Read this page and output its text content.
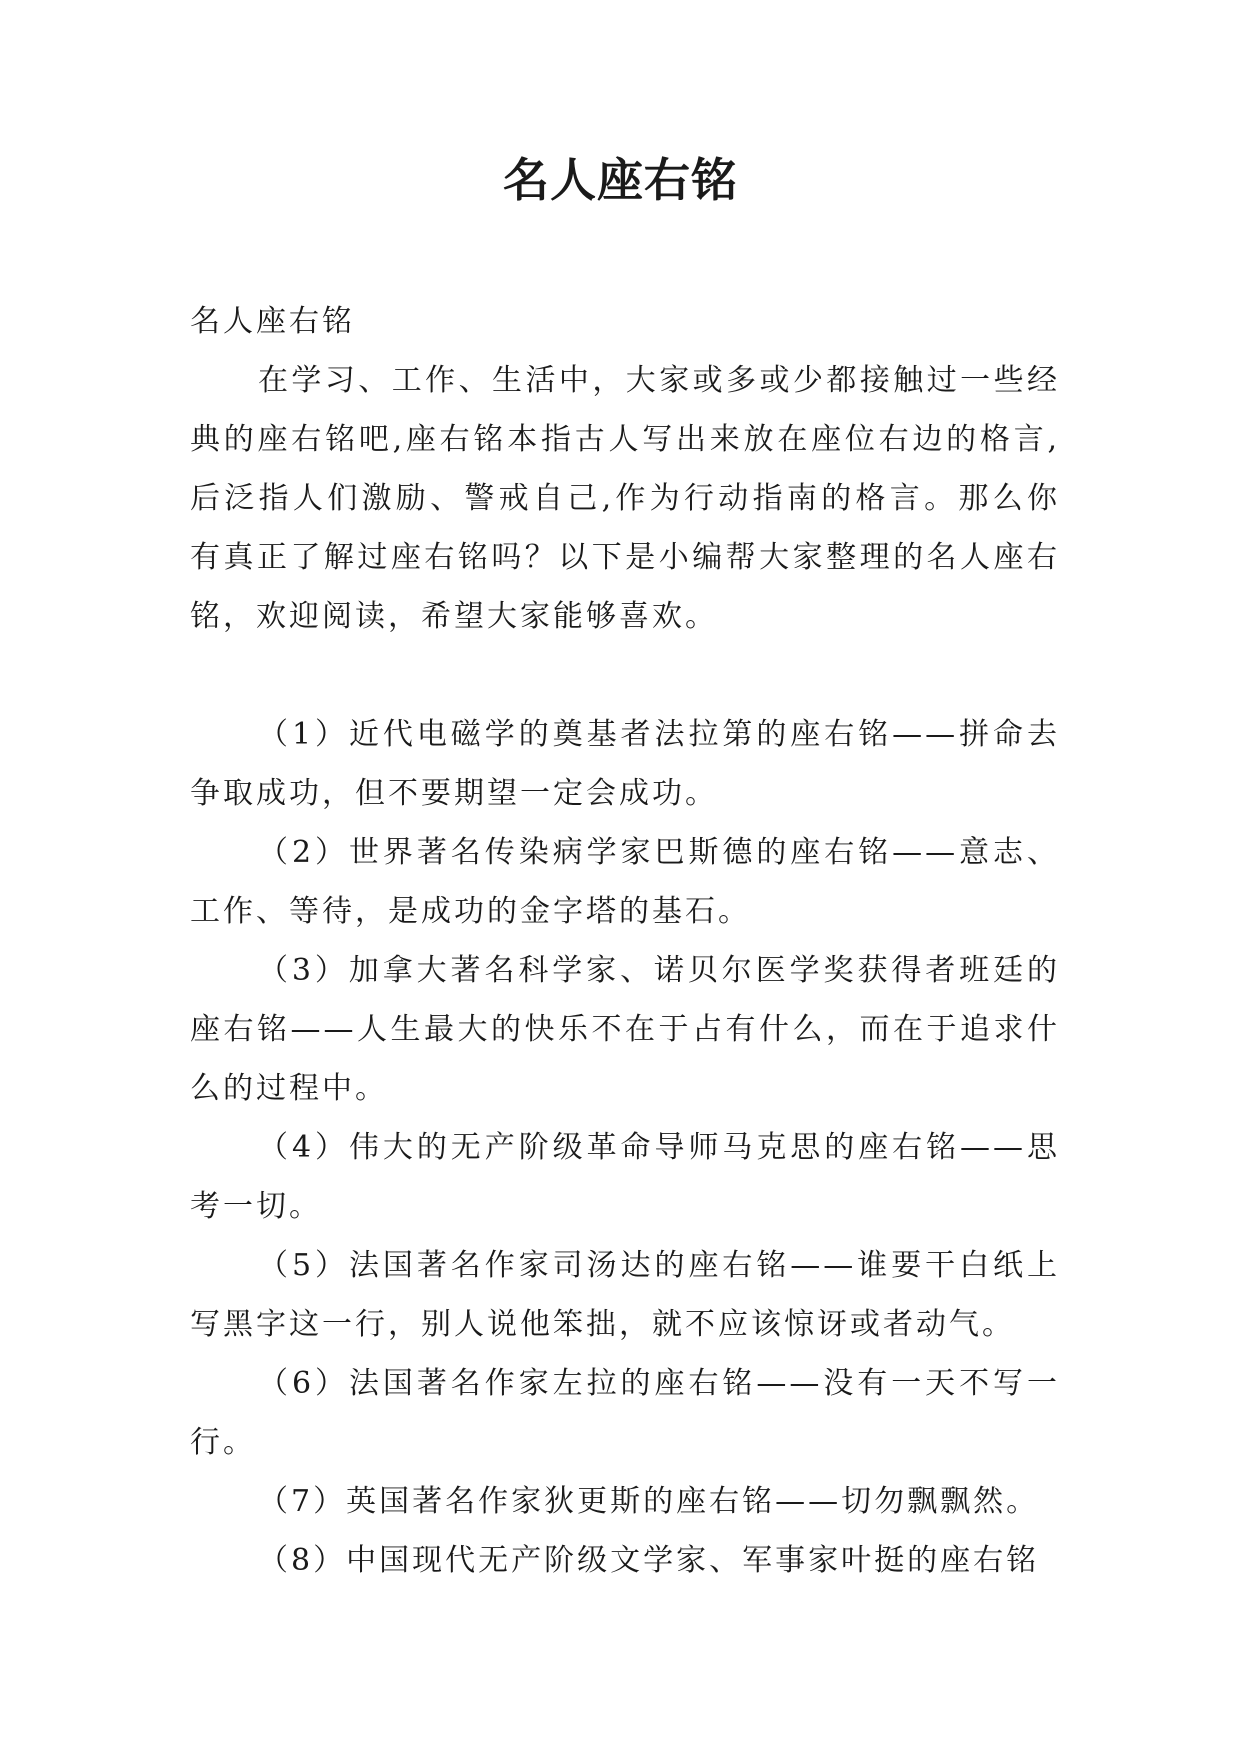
名人座右铭

名人座右铭

在学习、工作、生活中，大家或多或少都接触过一些经典的座右铭吧,座右铭本指古人写出来放在座位右边的格言,后泛指人们激励、警戒自己,作为行动指南的格言。那么你有真正了解过座右铭吗？以下是小编帮大家整理的名人座右铭，欢迎阅读，希望大家能够喜欢。

（1）近代电磁学的奠基者法拉第的座右铭——拼命去争取成功，但不要期望一定会成功。

（2）世界著名传染病学家巴斯德的座右铭——意志、工作、等待，是成功的金字塔的基石。

（3）加拿大著名科学家、诺贝尔医学奖获得者班廷的座右铭——人生最大的快乐不在于占有什么，而在于追求什么的过程中。

（4）伟大的无产阶级革命导师马克思的座右铭——思考一切。

（5）法国著名作家司汤达的座右铭——谁要干白纸上写黑字这一行，别人说他笨拙，就不应该惊讶或者动气。

（6）法国著名作家左拉的座右铭——没有一天不写一行。

（7）英国著名作家狄更斯的座右铭——切勿飘飘然。

（8）中国现代无产阶级文学家、军事家叶挺的座右铭
